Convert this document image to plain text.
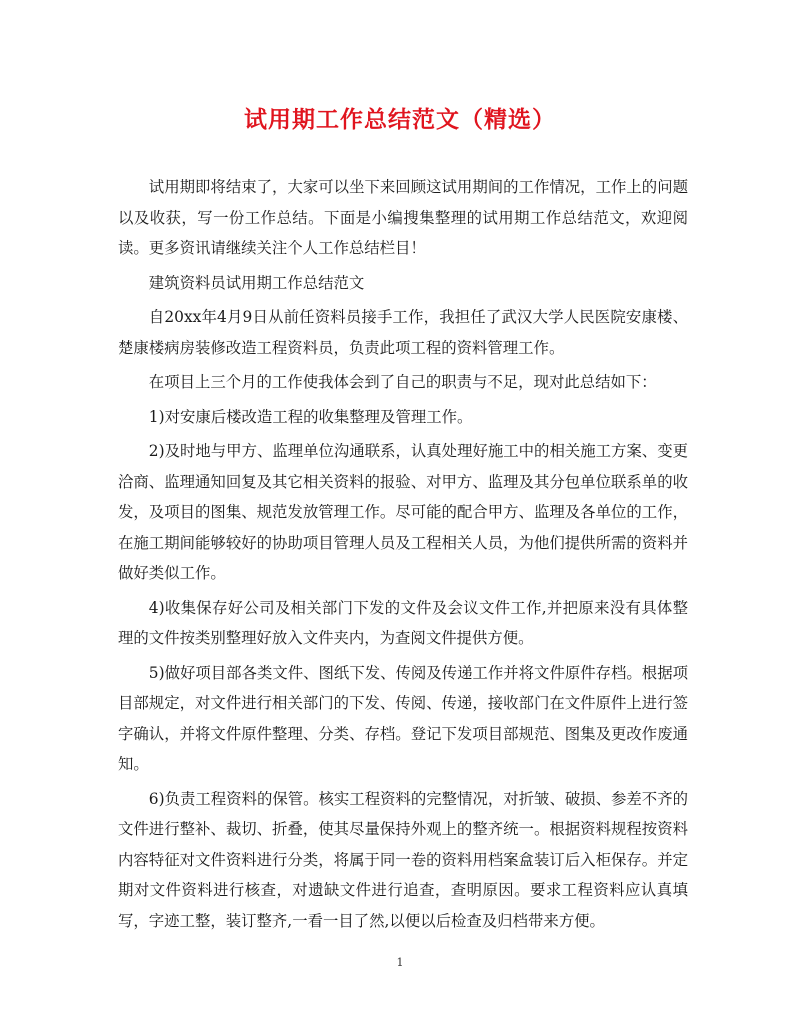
试用期工作总结范文（精选）

试用期即将结束了，大家可以坐下来回顾这试用期间的工作情况，工作上的问题以及收获，写一份工作总结。下面是小编搜集整理的试用期工作总结范文，欢迎阅读。更多资讯请继续关注个人工作总结栏目！

建筑资料员试用期工作总结范文

自20xx年4月9日从前任资料员接手工作，我担任了武汉大学人民医院安康楼、楚康楼病房装修改造工程资料员，负责此项工程的资料管理工作。

在项目上三个月的工作使我体会到了自己的职责与不足，现对此总结如下：

1)对安康后楼改造工程的收集整理及管理工作。

2)及时地与甲方、监理单位沟通联系，认真处理好施工中的相关施工方案、变更洽商、监理通知回复及其它相关资料的报验、对甲方、监理及其分包单位联系单的收发，及项目的图集、规范发放管理工作。尽可能的配合甲方、监理及各单位的工作，在施工期间能够较好的协助项目管理人员及工程相关人员，为他们提供所需的资料并做好类似工作。

4)收集保存好公司及相关部门下发的文件及会议文件工作,并把原来没有具体整理的文件按类别整理好放入文件夹内，为查阅文件提供方便。

5)做好项目部各类文件、图纸下发、传阅及传递工作并将文件原件存档。根据项目部规定，对文件进行相关部门的下发、传阅、传递，接收部门在文件原件上进行签字确认，并将文件原件整理、分类、存档。登记下发项目部规范、图集及更改作废通知。

6)负责工程资料的保管。核实工程资料的完整情况，对折皱、破损、参差不齐的文件进行整补、裁切、折叠，使其尽量保持外观上的整齐统一。根据资料规程按资料内容特征对文件资料进行分类，将属于同一卷的资料用档案盒装订后入柜保存。并定期对文件资料进行核查，对遗缺文件进行追查，查明原因。要求工程资料应认真填写，字迹工整，装订整齐,一看一目了然,以便以后检查及归档带来方便。

1
